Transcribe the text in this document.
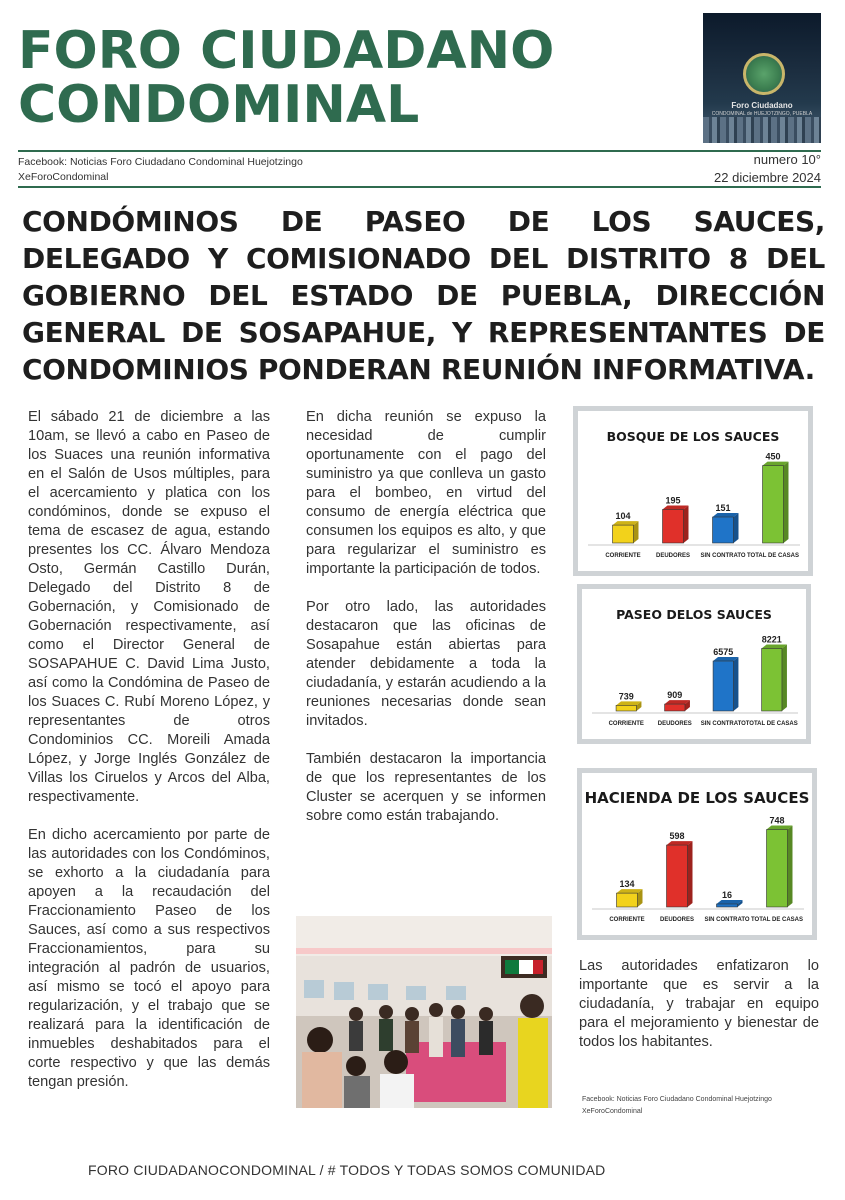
FORO CIUDADANO
CONDOMINAL	Foro Ciudadano
CONDOMINAL de HUEJOTZINGO, PUEBLA
Facebook: Noticias Foro Ciudadano Condominal Huejotzingo
XeForoCondominal
numero 10°
22 diciembre 2024
CONDÓMINOS DE PASEO DE LOS SAUCES, DELEGADO Y COMISIONADO DEL DISTRITO 8 DEL GOBIERNO DEL ESTADO DE PUEBLA, DIRECCIÓN GENERAL DE SOSAPAHUE, Y REPRESENTANTES DE CONDOMINIOS PONDERAN REUNIÓN INFORMATIVA.

El sábado 21 de diciembre a las 10am, se llevó a cabo en Paseo de los Suaces una reunión informativa en el Salón de Usos múltiples, para el acercamiento y platica con los condóminos, donde se expuso el tema de escasez de agua, estando presentes los CC. Álvaro Mendoza Osto, Germán Castillo Durán, Delegado del Distrito 8 de Gobernación, y Comisionado de Gobernación respectivamente, así como el Director General de SOSAPAHUE C. David Lima Justo, así como la Condómina de Paseo de los Suaces C. Rubí Moreno López, y representantes de otros Condominios CC. Moreili Amada López, y Jorge Inglés González de Villas los Ciruelos y Arcos del Alba, respectivamente.

En dicho acercamiento por parte de las autoridades con los Condóminos, se exhorto a la ciudadanía para apoyen a la recaudación del Fraccionamiento Paseo de los Sauces, así como a sus respectivos Fraccionamientos, para su integración al padrón de usuarios, así mismo se tocó el apoyo para regularización, y el trabajo que se realizará para la identificación de inmuebles deshabitados para el corte respectivo y que las demás tengan presión.

En dicha reunión se expuso la necesidad de cumplir oportunamente con el pago del suministro ya que conlleva un gasto para el bombeo, en virtud del consumo de energía eléctrica que consumen los equipos es alto, y que para regularizar el suministro es importante la participación de todos.

Por otro lado, las autoridades destacaron que las oficinas de Sosapahue están abiertas para atender debidamente a toda la ciudadanía, y estarán acudiendo a la reuniones necesarias donde sean invitados.

También destacaron la importancia de que los representantes de los Cluster se acerquen y se informen sobre como están trabajando.

BOSQUE DE LOS SAUCES
104
CORRIENTE
195
DEUDORES
151
SIN CONTRATO
450
TOTAL DE CASAS
PASEO DELOS SAUCES
739
CORRIENTE
909
DEUDORES
6575
SIN CONTRATO
8221
TOTAL DE CASAS
HACIENDA DE LOS SAUCES
134
CORRIENTE
598
DEUDORES
16
SIN CONTRATO
748
TOTAL DE CASAS

Las autoridades enfatizaron lo importante que es servir a la ciudadanía, y trabajar en equipo para el mejoramiento y bienestar de todos los habitantes.

Facebook: Noticias Foro Ciudadano Condominal Huejotzingo
XeForoCondominal
FORO CIUDADANOCONDOMINAL / # TODOS Y TODAS SOMOS COMUNIDAD
